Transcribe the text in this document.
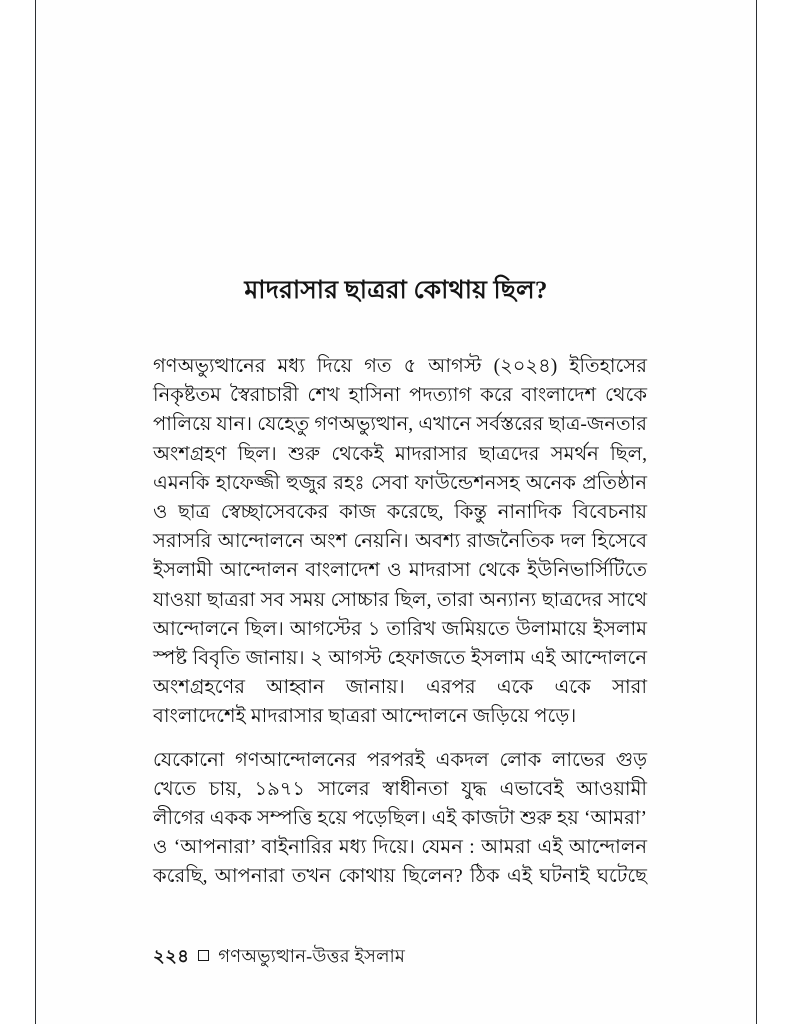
মাদরাসার ছাত্ররা কোথায় ছিল?

গণঅভ্যুত্থানের মধ্য দিয়ে গত ৫ আগস্ট (২০২৪) ইতিহাসের নিকৃষ্টতম স্বৈরাচারী শেখ হাসিনা পদত্যাগ করে বাংলাদেশ থেকে পালিয়ে যান। যেহেতু গণঅভ্যুত্থান, এখানে সর্বস্তরের ছাত্র-জনতার অংশগ্রহণ ছিল। শুরু থেকেই মাদরাসার ছাত্রদের সমর্থন ছিল, এমনকি হাফেজ্জী হুজুর রহঃ সেবা ফাউন্ডেশনসহ অনেক প্রতিষ্ঠান ও ছাত্র স্বেচ্ছাসেবকের কাজ করেছে, কিন্তু নানাদিক বিবেচনায় সরাসরি আন্দোলনে অংশ নেয়নি। অবশ্য রাজনৈতিক দল হিসেবে ইসলামী আন্দোলন বাংলাদেশ ও মাদরাসা থেকে ইউনিভার্সিটিতে যাওয়া ছাত্ররা সব সময় সোচ্চার ছিল, তারা অন্যান্য ছাত্রদের সাথে আন্দোলনে ছিল। আগস্টের ১ তারিখ জমিয়তে উলামায়ে ইসলাম স্পষ্ট বিবৃতি জানায়। ২ আগস্ট হেফাজতে ইসলাম এই আন্দোলনে অংশগ্রহণের আহ্বান জানায়। এরপর একে একে সারা বাংলাদেশেই মাদরাসার ছাত্ররা আন্দোলনে জড়িয়ে পড়ে।

যেকোনো গণআন্দোলনের পরপরই একদল লোক লাভের গুড় খেতে চায়, ১৯৭১ সালের স্বাধীনতা যুদ্ধ এভাবেই আওয়ামী লীগের একক সম্পত্তি হয়ে পড়েছিল। এই কাজটা শুরু হয় ‘আমরা’ ও ‘আপনারা’ বাইনারির মধ্য দিয়ে। যেমন : আমরা এই আন্দোলন করেছি, আপনারা তখন কোথায় ছিলেন? ঠিক এই ঘটনাই ঘটেছে

২২৪ গণঅভ্যুত্থান-উত্তর ইসলাম
